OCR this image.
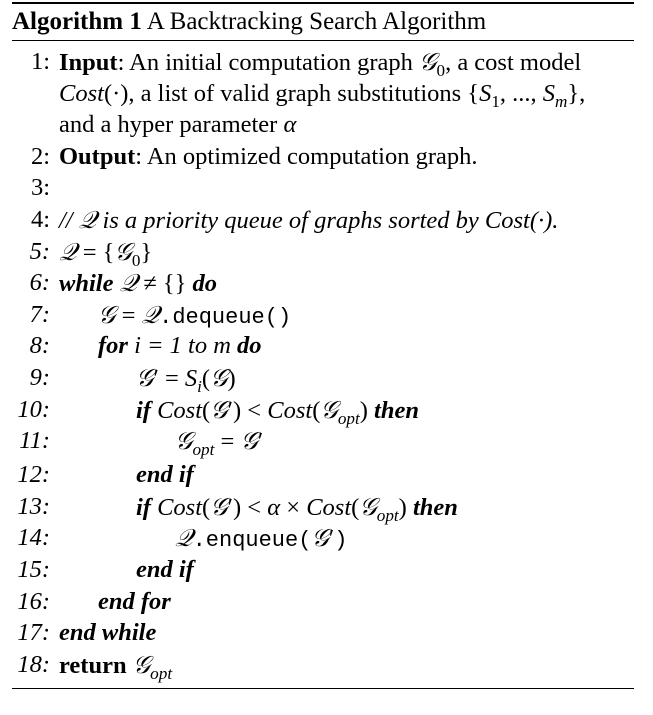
Algorithm 1 A Backtracking Search Algorithm
1: Input: An initial computation graph 𝒢$_0$, a cost model
Cost(·), a list of valid graph substitutions {$S_1$, ..., $S_m$},
and a hyper parameter α
2: Output: An optimized computation graph.
3:
4: // 𝒬 is a priority queue of graphs sorted by Cost(·).
5: 𝒬 = {𝒢$_0$}
6: while 𝒬 ≠ {} do
7: 𝒢 = 𝒬.dequeue()
8: for i = 1 to m do
9:	𝒢′ = $S_i(𝒢)$
10:	if Cost(𝒢′) < Cost(𝒢$_{opt}$) then
11:	𝒢$_{opt}$ = 𝒢′
12:	end if
13:	if Cost(𝒢′) < α × Cost(𝒢$_{opt}$) then
14:	𝒬.enqueue(𝒢′)
15:	end if
16: end for
17: end while
18: return 𝒢$_{opt}$
